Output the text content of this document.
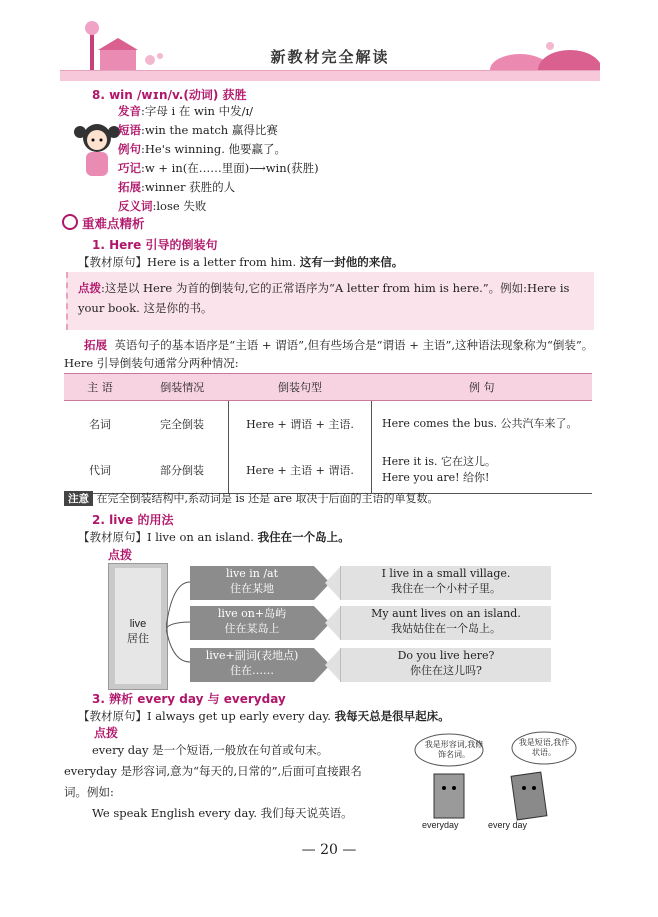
新教材完全解读
8. win /wɪn/v.(动词) 获胜
发音:字母 i 在 win 中发/ɪ/
短语:win the match 赢得比赛
例句:He's winning. 他要赢了。
巧记:w + in(在……里面)⟶win(获胜)
拓展:winner 获胜的人
反义词:lose 失败
重难点精析
1. Here 引导的倒装句
【教材原句】Here is a letter from him. 这有一封他的来信。

点拨:这是以 Here 为首的倒装句,它的正常语序为“A letter from him is here.”。例如:Here is your book. 这是你的书。

拓展 英语句子的基本语序是“主语 + 谓语”,但有些场合是“谓语 + 主语”,这种语法现象称为“倒装”。Here 引导倒装句通常分两种情况:
主 语	倒装情况	倒装句型	例 句
名词	完全倒装	Here + 谓语 + 主语.	Here comes the bus. 公共汽车来了。
代词	部分倒装	Here + 主语 + 谓语.	Here it is. 它在这儿。
Here you are! 给你!
注意 在完全倒装结构中,系动词是 is 还是 are 取决于后面的主语的单复数。
2. live 的用法
【教材原句】I live on an island. 我住在一个岛上。
点拨
live
居住
live in /at
住在某地
I live in a small village.
我住在一个小村子里。
live on+岛屿
住在某岛上
My aunt lives on an island.
我姑姑住在一个岛上。
live+副词(表地点)
住在……
Do you live here?
你住在这儿吗?
3. 辨析 every day 与 everyday
【教材原句】I always get up early every day. 我每天总是很早起床。
点拨
every day 是一个短语,一般放在句首或句末。everyday 是形容词,意为“每天的,日常的”,后面可直接跟名词。例如:
We speak English every day. 我们每天说英语。
我是形容词,我修饰名词。
我是短语,我作状语。
everyday	every day
— 20 —
